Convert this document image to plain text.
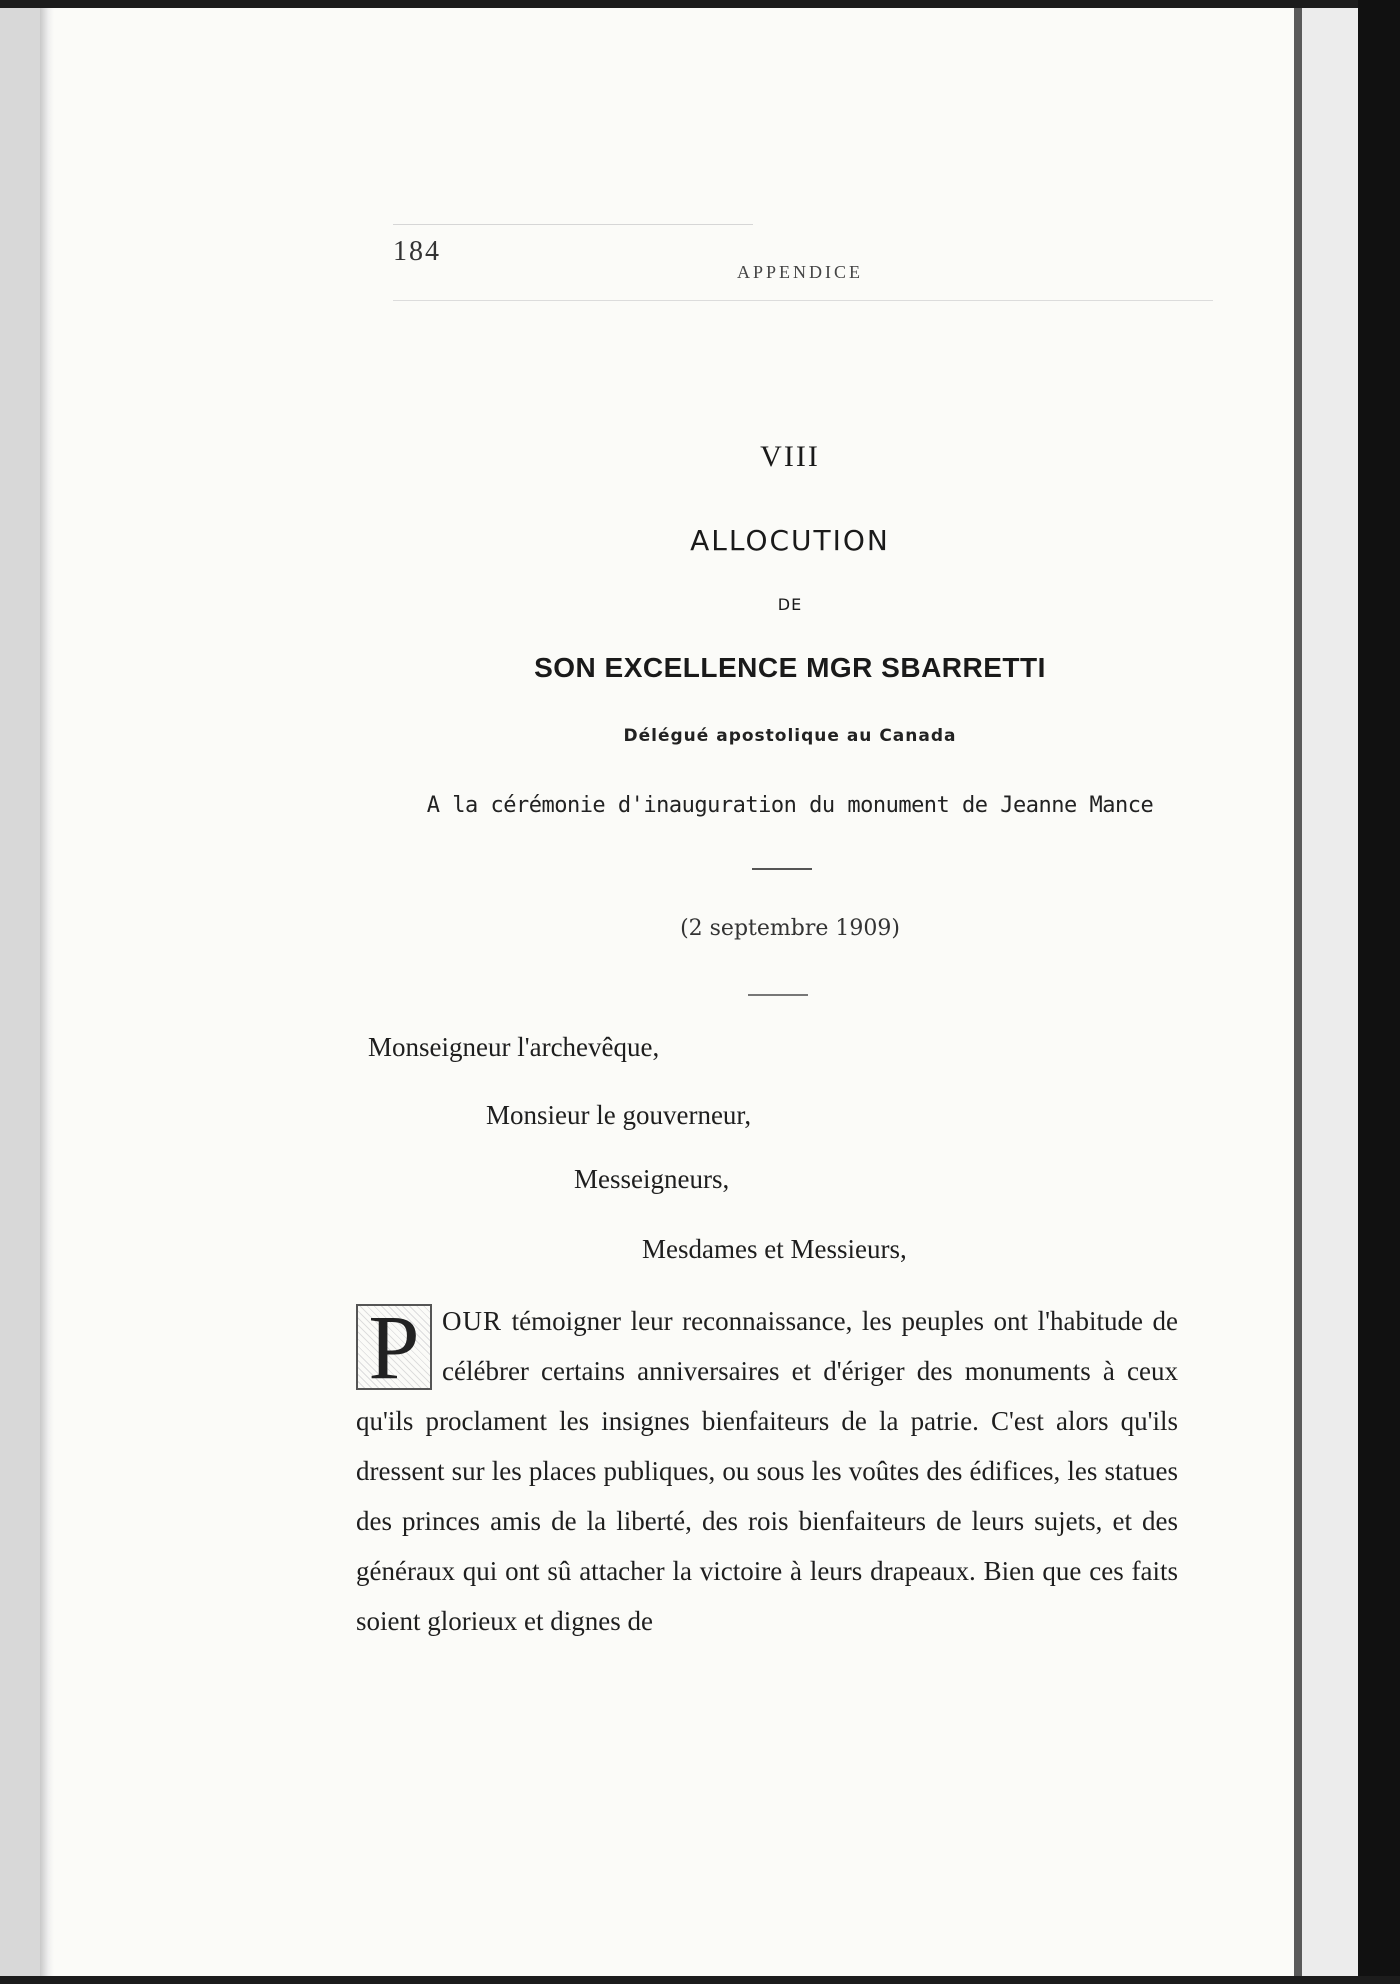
184
APPENDICE
VIII
ALLOCUTION
DE
SON EXCELLENCE MGR SBARRETTI
Délégué apostolique au Canada
A la cérémonie d'inauguration du monument de Jeanne Mance
(2 septembre 1909)
Monseigneur l'archevêque,
Monsieur le gouverneur,
Messeigneurs,
Mesdames et Messieurs,
P OUR témoigner leur reconnaissance, les peuples ont l'habitude de célébrer certains anniversaires et d'ériger des monuments à ceux qu'ils proclament les insignes bienfaiteurs de la patrie. C'est alors qu'ils dressent sur les places publiques, ou sous les voûtes des édifices, les statues des princes amis de la liberté, des rois bienfaiteurs de leurs sujets, et des généraux qui ont sû attacher la victoire à leurs drapeaux. Bien que ces faits soient glorieux et dignes de
